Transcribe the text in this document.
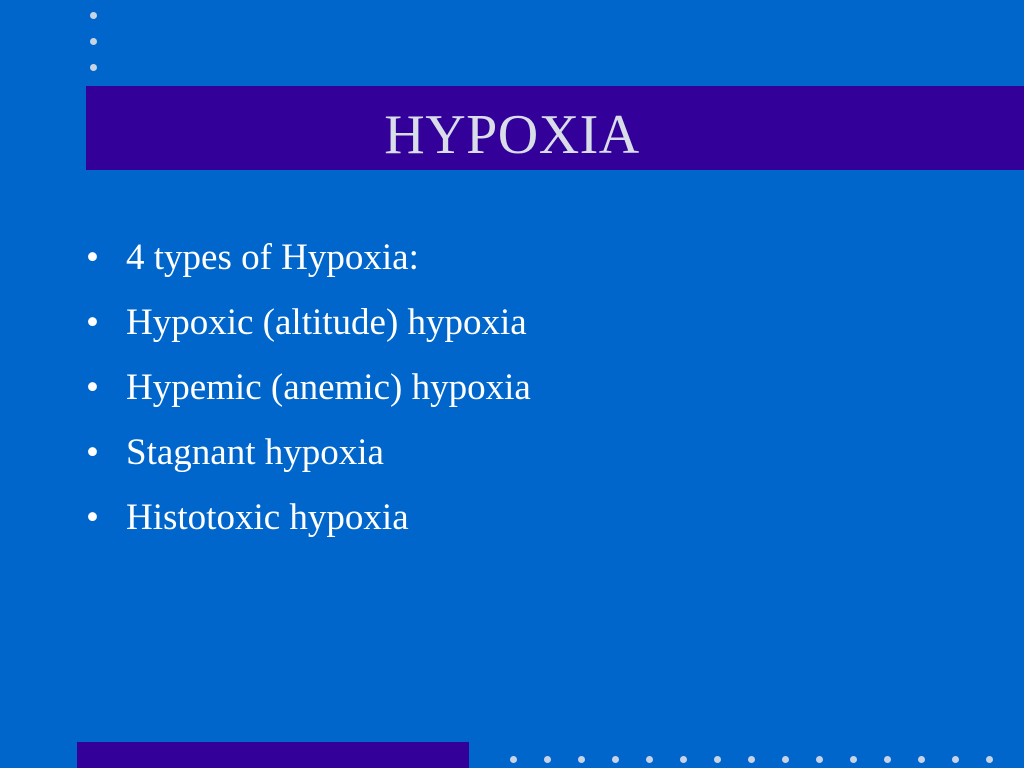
HYPOXIA
• 4 types of Hypoxia:
• Hypoxic (altitude) hypoxia
• Hypemic (anemic) hypoxia
• Stagnant hypoxia
• Histotoxic hypoxia
